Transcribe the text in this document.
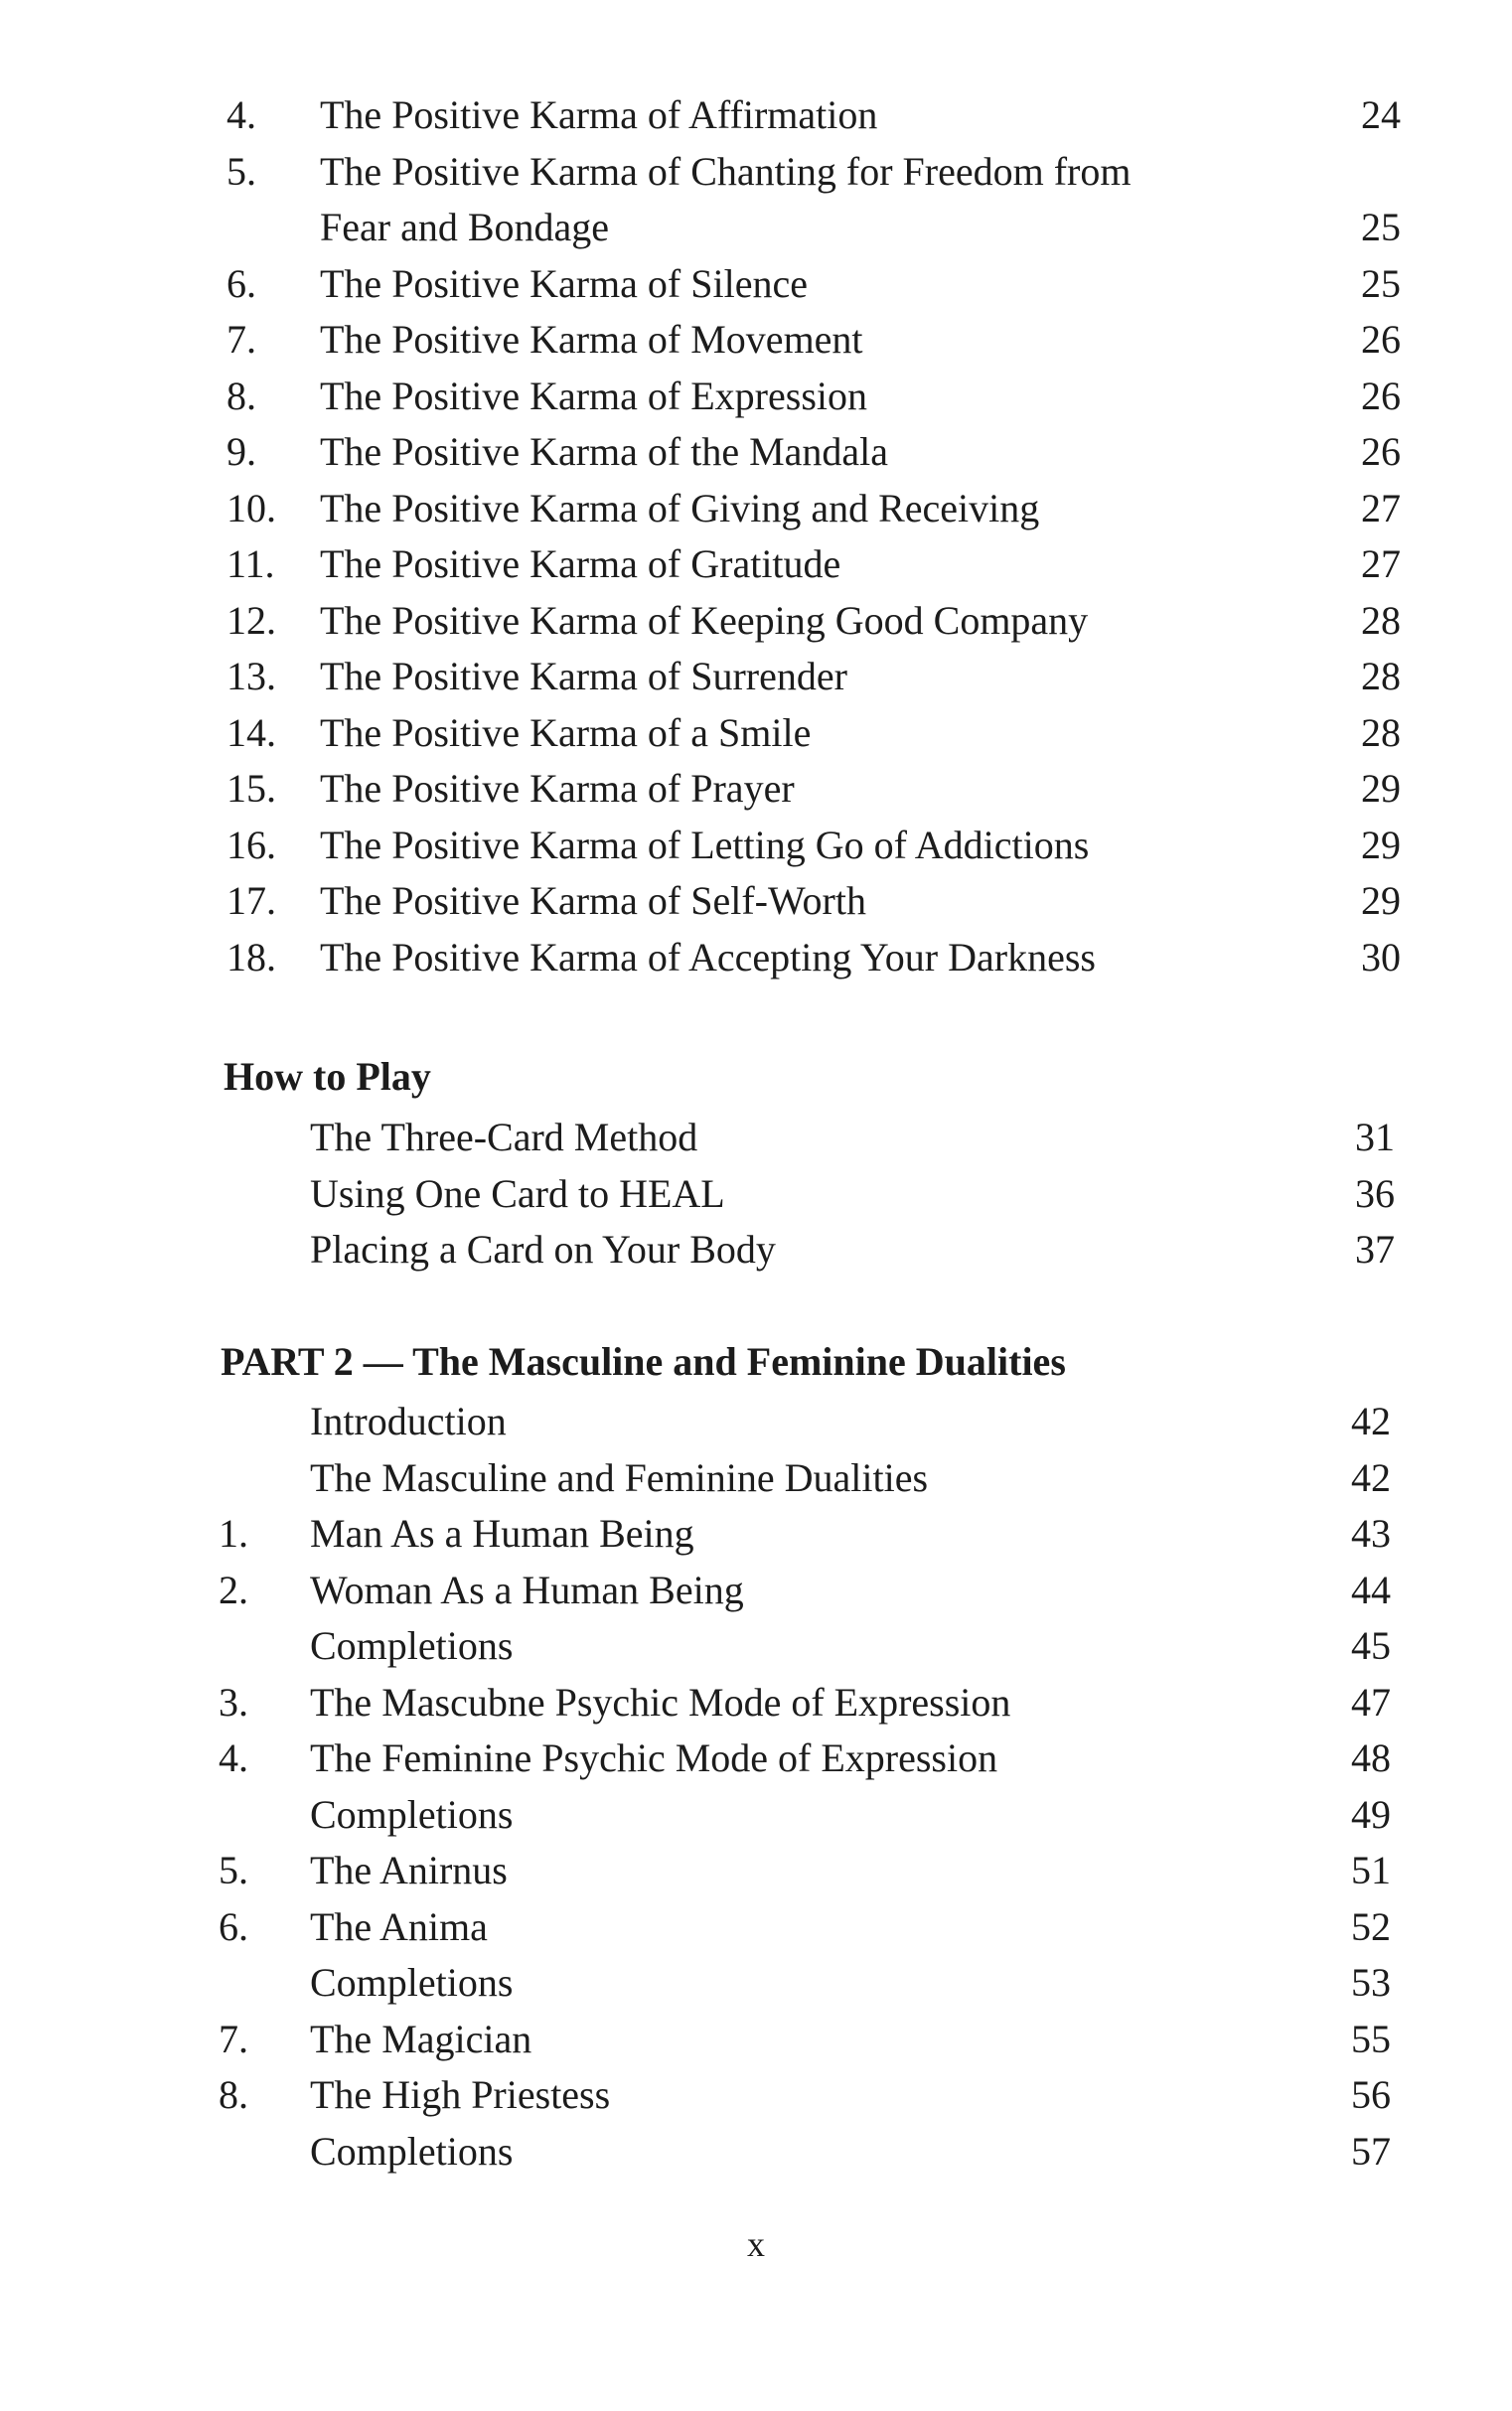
4.	The Positive Karma of Affirmation	24
5.	The Positive Karma of Chanting for Freedom from
Fear and Bondage	25
6.	The Positive Karma of Silence	25
7.	The Positive Karma of Movement	26
8.	The Positive Karma of Expression	26
9.	The Positive Karma of the Mandala	26
10.	The Positive Karma of Giving and Receiving	27
11.	The Positive Karma of Gratitude	27
12.	The Positive Karma of Keeping Good Company	28
13.	The Positive Karma of Surrender	28
14.	The Positive Karma of a Smile	28
15.	The Positive Karma of Prayer	29
16.	The Positive Karma of Letting Go of Addictions	29
17.	The Positive Karma of Self-Worth	29
18.	The Positive Karma of Accepting Your Darkness	30
How to Play
The Three-Card Method	31
Using One Card to HEAL	36
Placing a Card on Your Body	37
PART 2 — The Masculine and Feminine Dualities
Introduction	42
The Masculine and Feminine Dualities	42
1.	Man As a Human Being	43
2.	Woman As a Human Being	44
Completions	45
3.	The Mascubne Psychic Mode of Expression	47
4.	The Feminine Psychic Mode of Expression	48
Completions	49
5.	The Anirnus	51
6.	The Anima	52
Completions	53
7.	The Magician	55
8.	The High Priestess	56
Completions	57
x
